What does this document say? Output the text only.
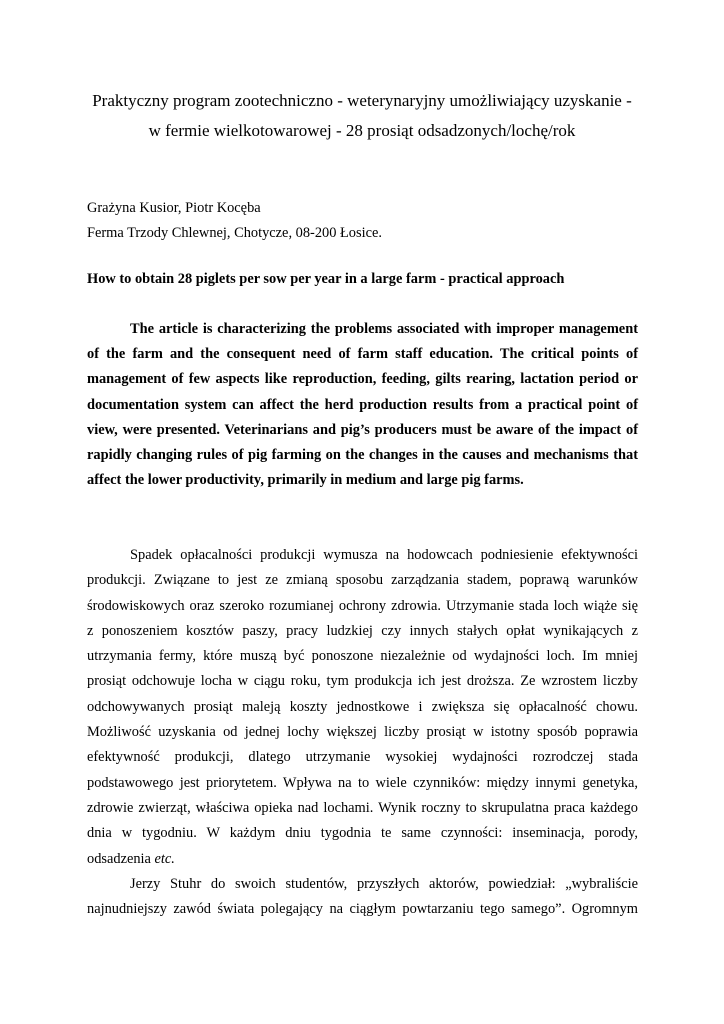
Praktyczny program zootechniczno - weterynaryjny umożliwiający uzyskanie -
w fermie wielkotowarowej - 28 prosiąt odsadzonych/lochę/rok
Grażyna Kusior, Piotr Kocęba
Ferma Trzody Chlewnej, Chotycze, 08-200 Łosice.
How to obtain 28 piglets per sow per year in a large farm - practical approach
The article is characterizing the problems associated with improper management
of the farm and the consequent need of farm staff education. The critical points of
management of few aspects like reproduction, feeding, gilts rearing, lactation period or
documentation system can affect the herd production results from a practical point of
view, were presented. Veterinarians and pig’s producers must be aware of the impact of
rapidly changing rules of pig farming on the changes in the causes and mechanisms that
affect the lower productivity, primarily in medium and large pig farms.
Spadek opłacalności produkcji wymusza na hodowcach podniesienie efektywności
produkcji. Związane to jest ze zmianą sposobu zarządzania stadem, poprawą warunków
środowiskowych oraz szeroko rozumianej ochrony zdrowia. Utrzymanie stada loch wiąże się
z ponoszeniem kosztów paszy, pracy ludzkiej czy innych stałych opłat wynikających z
utrzymania fermy, które muszą być ponoszone niezależnie od wydajności loch. Im mniej
prosiąt odchowuje locha w ciągu roku, tym produkcja ich jest droższa. Ze wzrostem liczby
odchowywanych prosiąt maleją koszty jednostkowe i zwiększa się opłacalność chowu.
Możliwość uzyskania od jednej lochy większej liczby prosiąt w istotny sposób poprawia
efektywność produkcji, dlatego utrzymanie wysokiej wydajności rozrodczej stada
podstawowego jest priorytetem. Wpływa na to wiele czynników: między innymi genetyka,
zdrowie zwierząt, właściwa opieka nad lochami. Wynik roczny to skrupulatna praca każdego
dnia w tygodniu. W każdym dniu tygodnia te same czynności: inseminacja, porody,
odsadzenia etc.
Jerzy Stuhr do swoich studentów, przyszłych aktorów, powiedział: „wybraliście
najnudniejszy zawód świata polegający na ciągłym powtarzaniu tego samego”. Ogromnym
